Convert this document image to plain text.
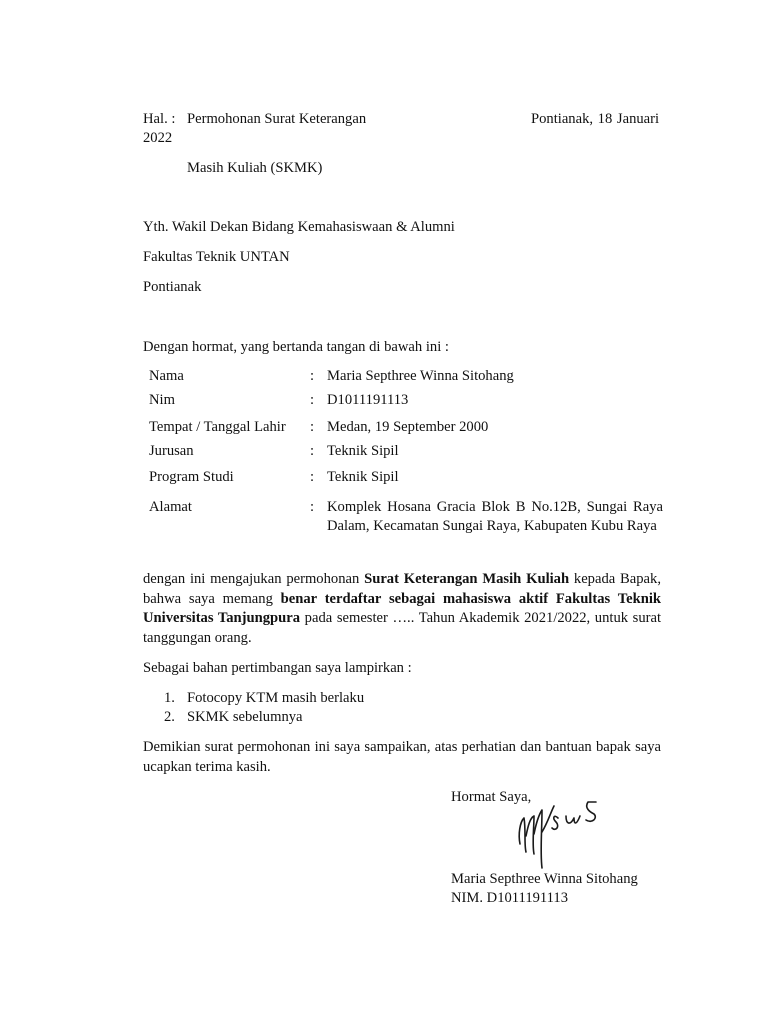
Hal. : Permohonan Surat Keterangan	Pontianak, 18 Januari
2022
Masih Kuliah (SKMK)
Yth. Wakil Dekan Bidang Kemahasiswaan & Alumni
Fakultas Teknik UNTAN
Pontianak
Dengan hormat, yang bertanda tangan di bawah ini :
Nama	: Maria Septhree Winna Sitohang
Nim	: D1011191113
Tempat / Tanggal Lahir : Medan, 19 September 2000
Jurusan	: Teknik Sipil
Program Studi	: Teknik Sipil
Alamat	: Komplek Hosana Gracia Blok B No.12B, Sungai Raya Dalam, Kecamatan Sungai Raya, Kabupaten Kubu Raya
dengan ini mengajukan permohonan Surat Keterangan Masih Kuliah kepada Bapak, bahwa saya memang benar terdaftar sebagai mahasiswa aktif Fakultas Teknik Universitas Tanjungpura pada semester ….. Tahun Akademik 2021/2022, untuk surat tanggungan orang.
Sebagai bahan pertimbangan saya lampirkan :
1. Fotocopy KTM masih berlaku
2. SKMK sebelumnya
Demikian surat permohonan ini saya sampaikan, atas perhatian dan bantuan bapak saya ucapkan terima kasih.
Hormat Saya,
Maria Septhree Winna Sitohang
NIM. D1011191113
